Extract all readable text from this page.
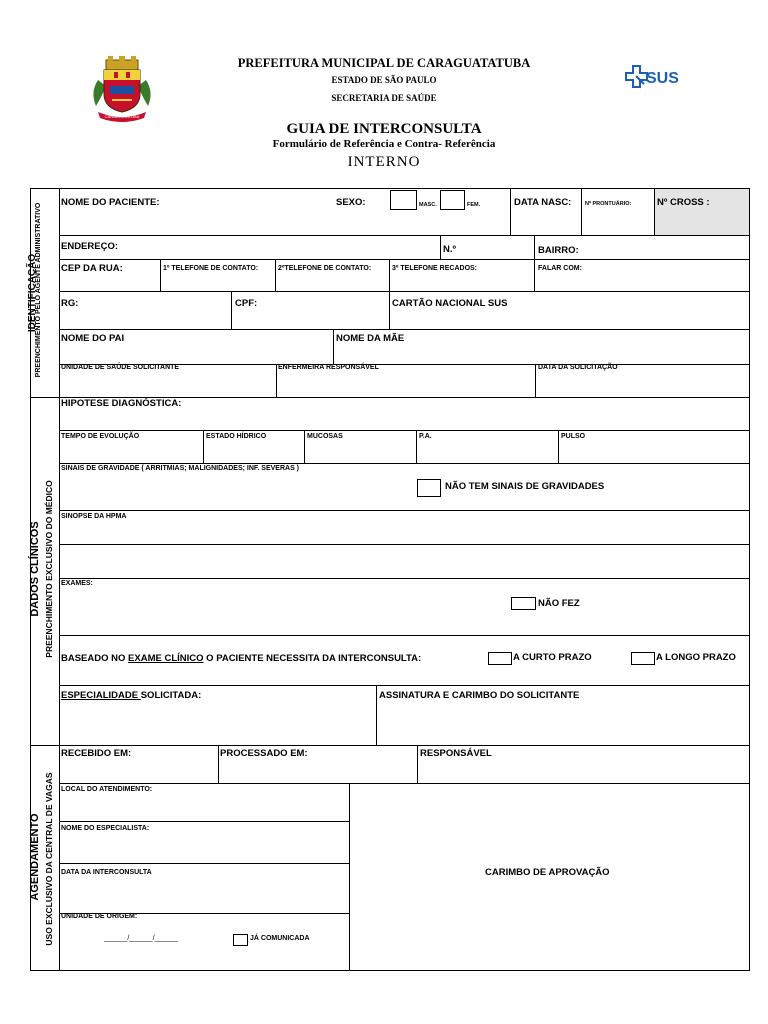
CARAGUATATUBA
PREFEITURA MUNICIPAL DE CARAGUATATUBA
ESTADO DE SÃO PAULO
SECRETARIA DE SAÚDE
GUIA DE INTERCONSULTA
Formulário de Referência e Contra- Referência
INTERNO
SUS
IDENTIFICAÇÃO
PREENCHIMENTO PELO AGENTE ADMINISTRATIVO
DADOS CLÍNICOS PREENCHIMENTO EXCLUSIVO DO MÉDICO
AGENDAMENTO USO EXCLUSIVO DA CENTRAL DE VAGAS
NOME DO PACIENTE:	SEXO:	MASC.	FEM.	DATA NASC: Nº PRONTUÁRIO:	Nº CROSS :
ENDEREÇO:	N.º	BAIRRO:
CEP DA RUA:	1º TELEFONE DE CONTATO:	2ºTELEFONE DE CONTATO:	3º TELEFONE RECADOS:	FALAR COM:
RG:	CPF:	CARTÃO NACIONAL SUS
NOME DO PAI	NOME DA MÃE
UNIDADE DE SAÚDE SOLICITANTE	ENFERMEIRA RESPONSÁVEL	DATA DA SOLICITAÇÃO
HIPOTESE DIAGNÓSTICA:
TEMPO DE EVOLUÇÃO	ESTADO HÍDRICO	MUCOSAS	P.A.	PULSO
SINAIS DE GRAVIDADE ( ARRITMIAS; MALIGNIDADES; INF. SEVERAS )
NÃO TEM SINAIS DE GRAVIDADES
SINOPSE DA HPMA
EXAMES:
NÃO FEZ
BASEADO NO EXAME CLÍNICO O PACIENTE NECESSITA DA INTERCONSULTA:	A CURTO PRAZO	A LONGO PRAZO
ESPECIALIDADE SOLICITADA:	ASSINATURA E CARIMBO DO SOLICITANTE
RECEBIDO EM:	PROCESSADO EM:	RESPONSÁVEL
LOCAL DO ATENDIMENTO:
NOME DO ESPECIALISTA:
DATA DA INTERCONSULTA
UNIDADE DE ORIGEM:
______/______/______	JÁ COMUNICADA
CARIMBO DE APROVAÇÃO
